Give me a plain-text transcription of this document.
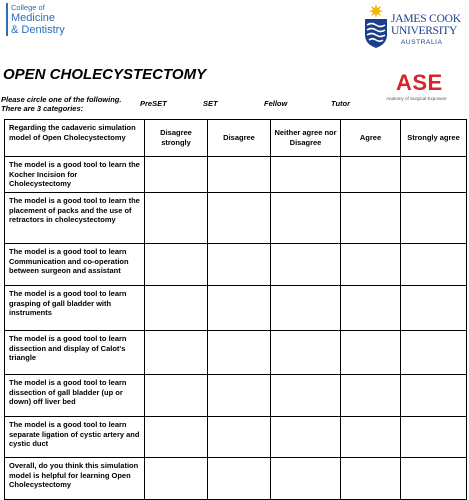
College of
Medicine
& Dentistry
JAMES COOK
UNIVERSITY
AUSTRALIA
OPEN CHOLECYSTECTOMY	ASE
Anatomy of Surgical Exposure
Please circle one of the following.
There are 3 categories:
PreSET	SET	Fellow	Tutor
Regarding the cadaveric simulation model of Open Cholecystectomy	Disagree strongly	Disagree	Neither agree nor Disagree	Agree	Strongly agree
The model is a good tool to learn the Kocher Incision for Cholecystectomy					
The model is a good tool to learn the placement of packs and the use of retractors in cholecystectomy					
The model is a good tool to learn Communication and co-operation between surgeon and assistant					
The model is a good tool to learn grasping of gall bladder with instruments					
The model is a good tool to learn dissection and display of Calot's triangle					
The model is a good tool to learn dissection of gall bladder (up or down) off liver bed					
The model is a good tool to learn separate ligation of cystic artery and cystic duct					
Overall, do you think this simulation model is helpful for learning Open Cholecystectomy					
